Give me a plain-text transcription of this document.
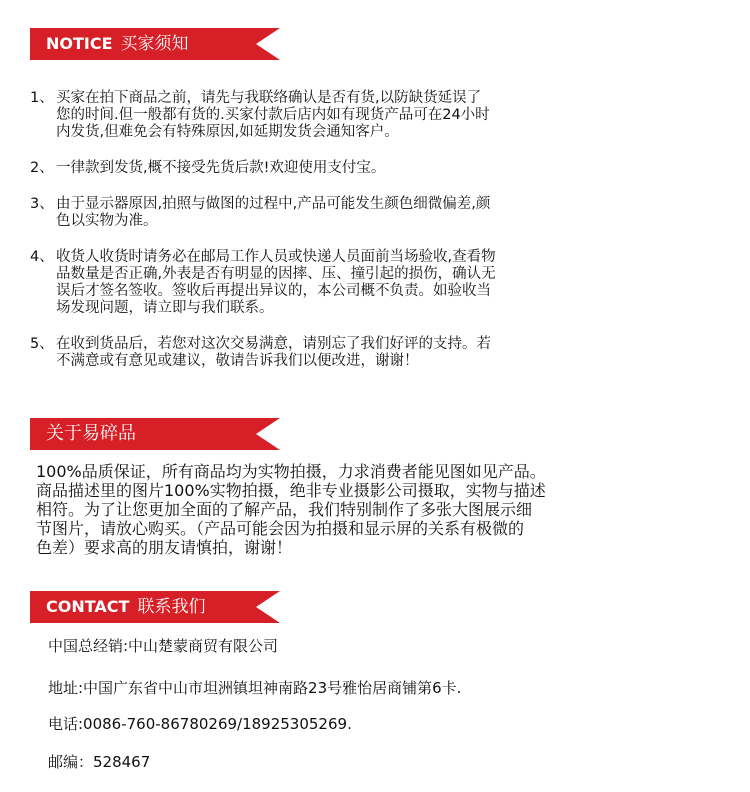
NOTICE 买家须知
1、 买家在拍下商品之前，请先与我联络确认是否有货,以防缺货延误了
您的时间.但一般都有货的.买家付款后店内如有现货产品可在24小时
内发货,但难免会有特殊原因,如延期发货会通知客户。
2、 一律款到发货,概不接受先货后款!欢迎使用支付宝。
3、 由于显示器原因,拍照与做图的过程中,产品可能发生颜色细微偏差,颜
色以实物为准。
4、 收货人收货时请务必在邮局工作人员或快递人员面前当场验收,查看物
品数量是否正确,外表是否有明显的因摔、压、撞引起的损伤，确认无
误后才签名签收。签收后再提出异议的，本公司概不负责。如验收当
场发现问题，请立即与我们联系。
5、 在收到货品后，若您对这次交易满意，请别忘了我们好评的支持。若
不满意或有意见或建议，敬请告诉我们以便改进，谢谢！
关于易碎品
100%品质保证，所有商品均为实物拍摄，力求消费者能见图如见产品。
商品描述里的图片100%实物拍摄，绝非专业摄影公司摄取，实物与描述
相符。为了让您更加全面的了解产品，我们特别制作了多张大图展示细
节图片，请放心购买。（产品可能会因为拍摄和显示屏的关系有极微的
色差）要求高的朋友请慎拍，谢谢！
CONTACT 联系我们
中国总经销:中山楚蒙商贸有限公司
地址:中国广东省中山市坦洲镇坦神南路23号雅怡居商铺第6卡.
电话:0086-760-86780269/18925305269.
邮编：528467
